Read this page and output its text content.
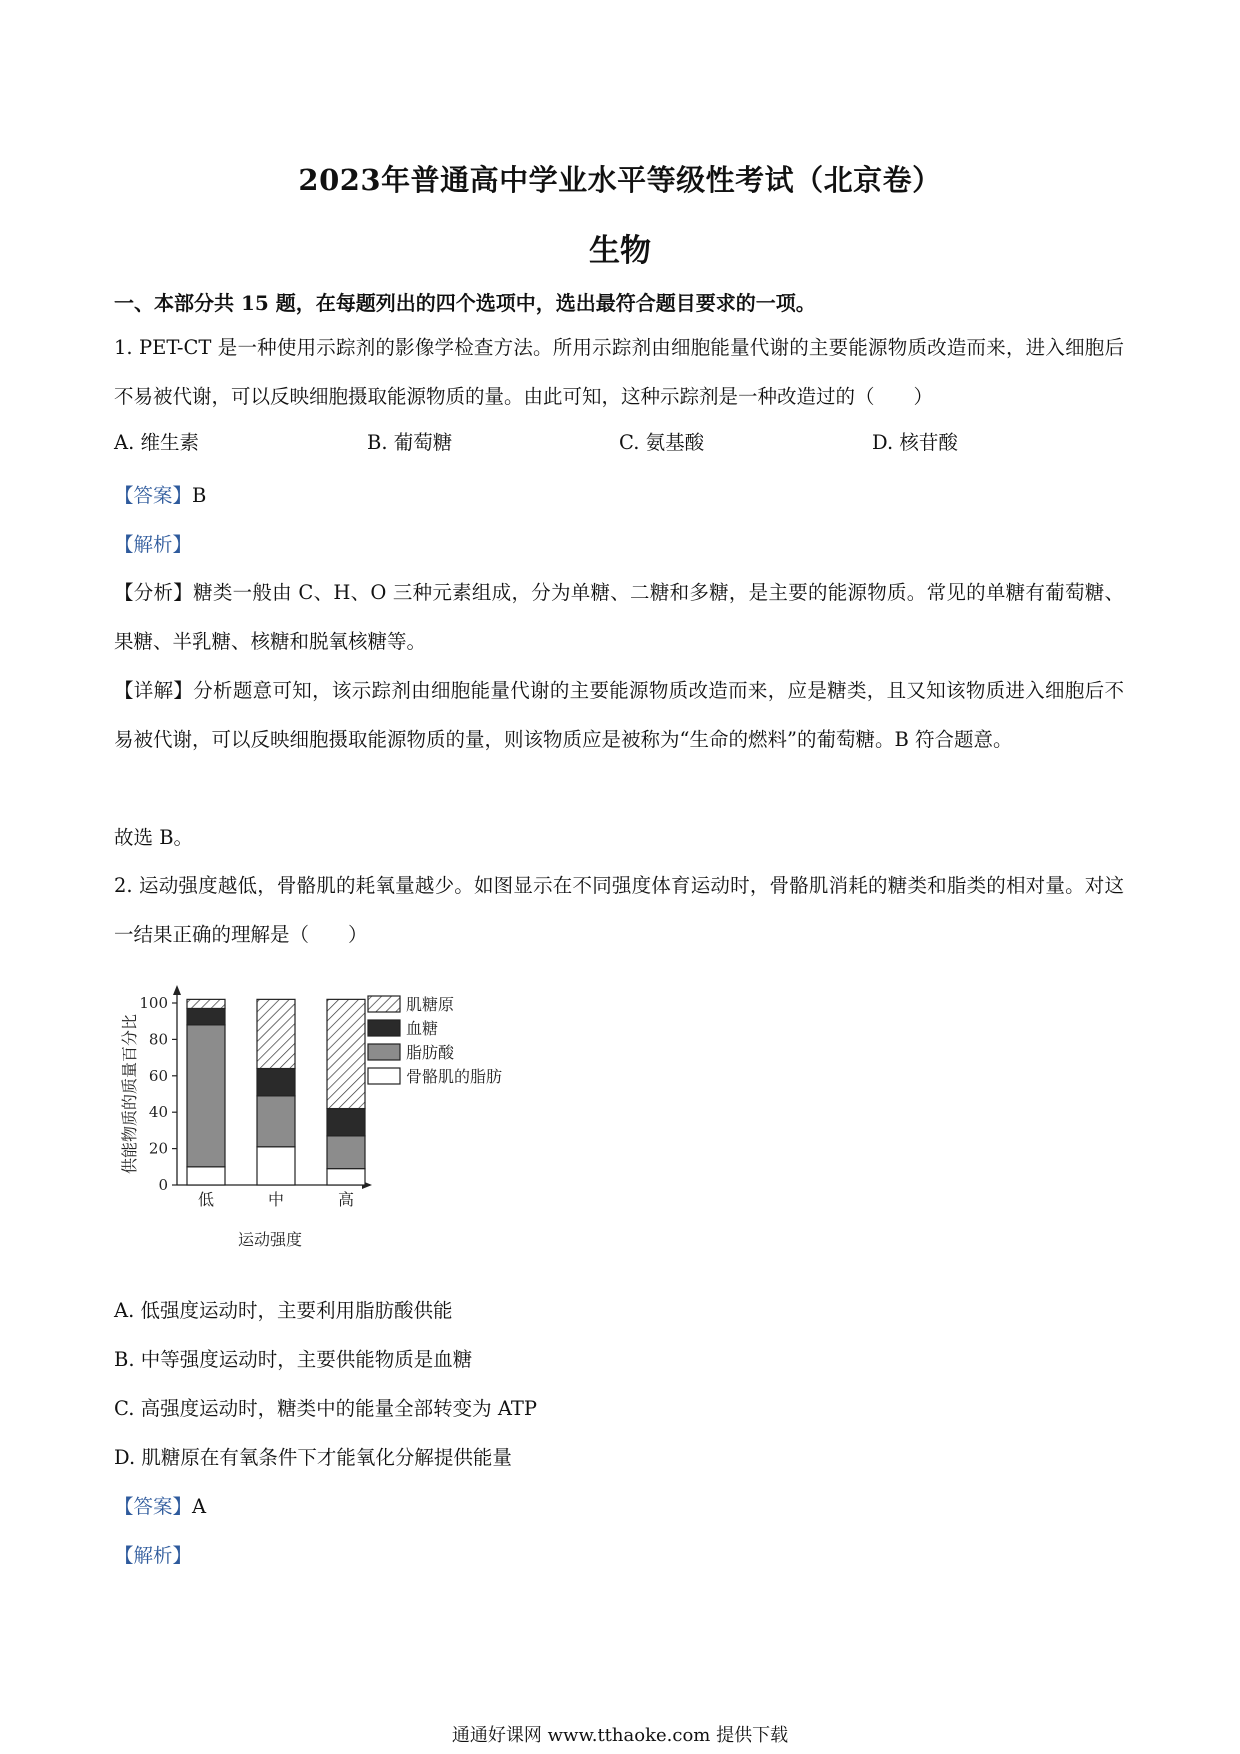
2023年普通高中学业水平等级性考试（北京卷）
生物
一、本部分共 15 题，在每题列出的四个选项中，选出最符合题目要求的一项。
1. PET-CT 是一种使用示踪剂的影像学检查方法。所用示踪剂由细胞能量代谢的主要能源物质改造而来，进入细胞后不易被代谢，可以反映细胞摄取能源物质的量。由此可知，这种示踪剂是一种改造过的（　　）
A. 维生素	B. 葡萄糖	C. 氨基酸	D. 核苷酸
【答案】B
【解析】
【分析】糖类一般由 C、H、O 三种元素组成，分为单糖、二糖和多糖，是主要的能源物质。常见的单糖有葡萄糖、果糖、半乳糖、核糖和脱氧核糖等。
【详解】分析题意可知，该示踪剂由细胞能量代谢的主要能源物质改造而来，应是糖类，且又知该物质进入细胞后不易被代谢，可以反映细胞摄取能源物质的量，则该物质应是被称为“生命的燃料”的葡萄糖。B 符合题意。
故选 B。
2. 运动强度越低，骨骼肌的耗氧量越少。如图显示在不同强度体育运动时，骨骼肌消耗的糖类和脂类的相对量。对这一结果正确的理解是（　　）
0
20
40
60
80
100
供能物质的质量百分比
低	中	高
运动强度
肌糖原
血糖
脂肪酸
骨骼肌的脂肪
A. 低强度运动时，主要利用脂肪酸供能
B. 中等强度运动时，主要供能物质是血糖
C. 高强度运动时，糖类中的能量全部转变为 ATP
D. 肌糖原在有氧条件下才能氧化分解提供能量
【答案】A
【解析】
通通好课网 www.tthaoke.com 提供下载
